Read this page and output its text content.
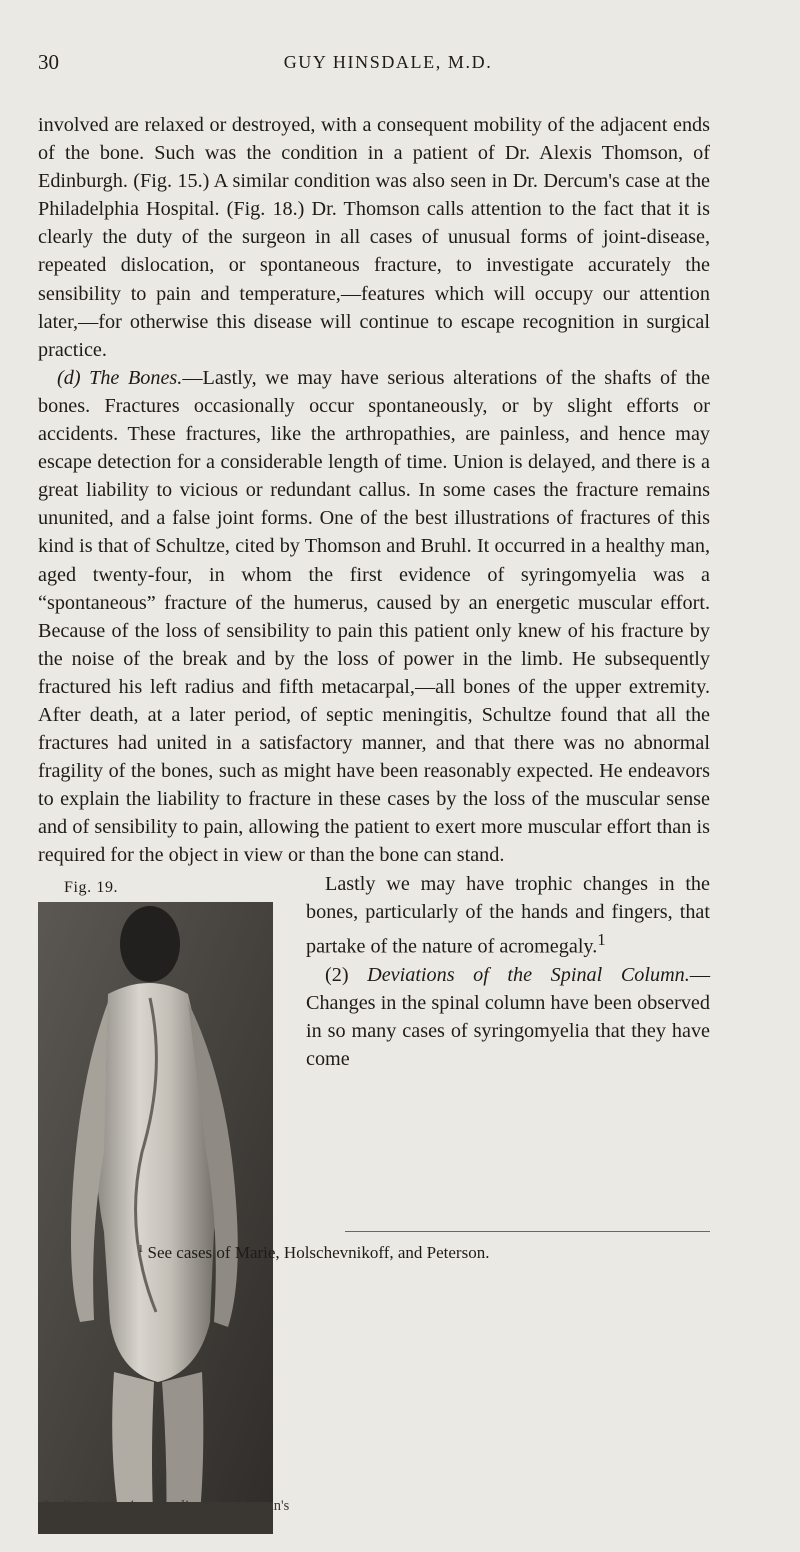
30	GUY HINSDALE, M.D.

involved are relaxed or destroyed, with a consequent mobility of the adjacent ends of the bone. Such was the condition in a patient of Dr. Alexis Thomson, of Edinburgh. (Fig. 15.) A similar condition was also seen in Dr. Dercum's case at the Philadelphia Hospital. (Fig. 18.) Dr. Thomson calls attention to the fact that it is clearly the duty of the surgeon in all cases of unusual forms of joint-disease, repeated dislocation, or spontaneous fracture, to investigate accurately the sensibility to pain and temperature,—features which will occupy our attention later,—for otherwise this disease will continue to escape recognition in surgical practice.

(d) The Bones.—Lastly, we may have serious alterations of the shafts of the bones. Fractures occasionally occur spontaneously, or by slight efforts or accidents. These fractures, like the arthropathies, are painless, and hence may escape detection for a considerable length of time. Union is delayed, and there is a great liability to vicious or redundant callus. In some cases the fracture remains ununited, and a false joint forms. One of the best illustrations of fractures of this kind is that of Schultze, cited by Thomson and Bruhl. It occurred in a healthy man, aged twenty-four, in whom the first evidence of syringomyelia was a “spontaneous” fracture of the humerus, caused by an energetic muscular effort. Because of the loss of sensibility to pain this patient only knew of his fracture by the noise of the break and by the loss of power in the limb. He subsequently fractured his left radius and fifth metacarpal,—all bones of the upper extremity. After death, at a later period, of septic meningitis, Schultze found that all the fractures had united in a satisfactory manner, and that there was no abnormal fragility of the bones, such as might have been reasonably expected. He endeavors to explain the liability to fracture in these cases by the loss of the muscular sense and of sensibility to pain, allowing the patient to exert more muscular effort than is required for the object in view or than the bone can stand.

Fig. 19.
Scoliosis in syringomyelia. (Curschmann's case.)

Lastly we may have trophic changes in the bones, particularly of the hands and fingers, that partake of the nature of acromegaly.$^1$

(2) Deviations of the Spinal Column.—Changes in the spinal column have been observed in so many cases of syringomyelia that they have come

$^1$ See cases of Marie, Holschevnikoff, and Peterson.
